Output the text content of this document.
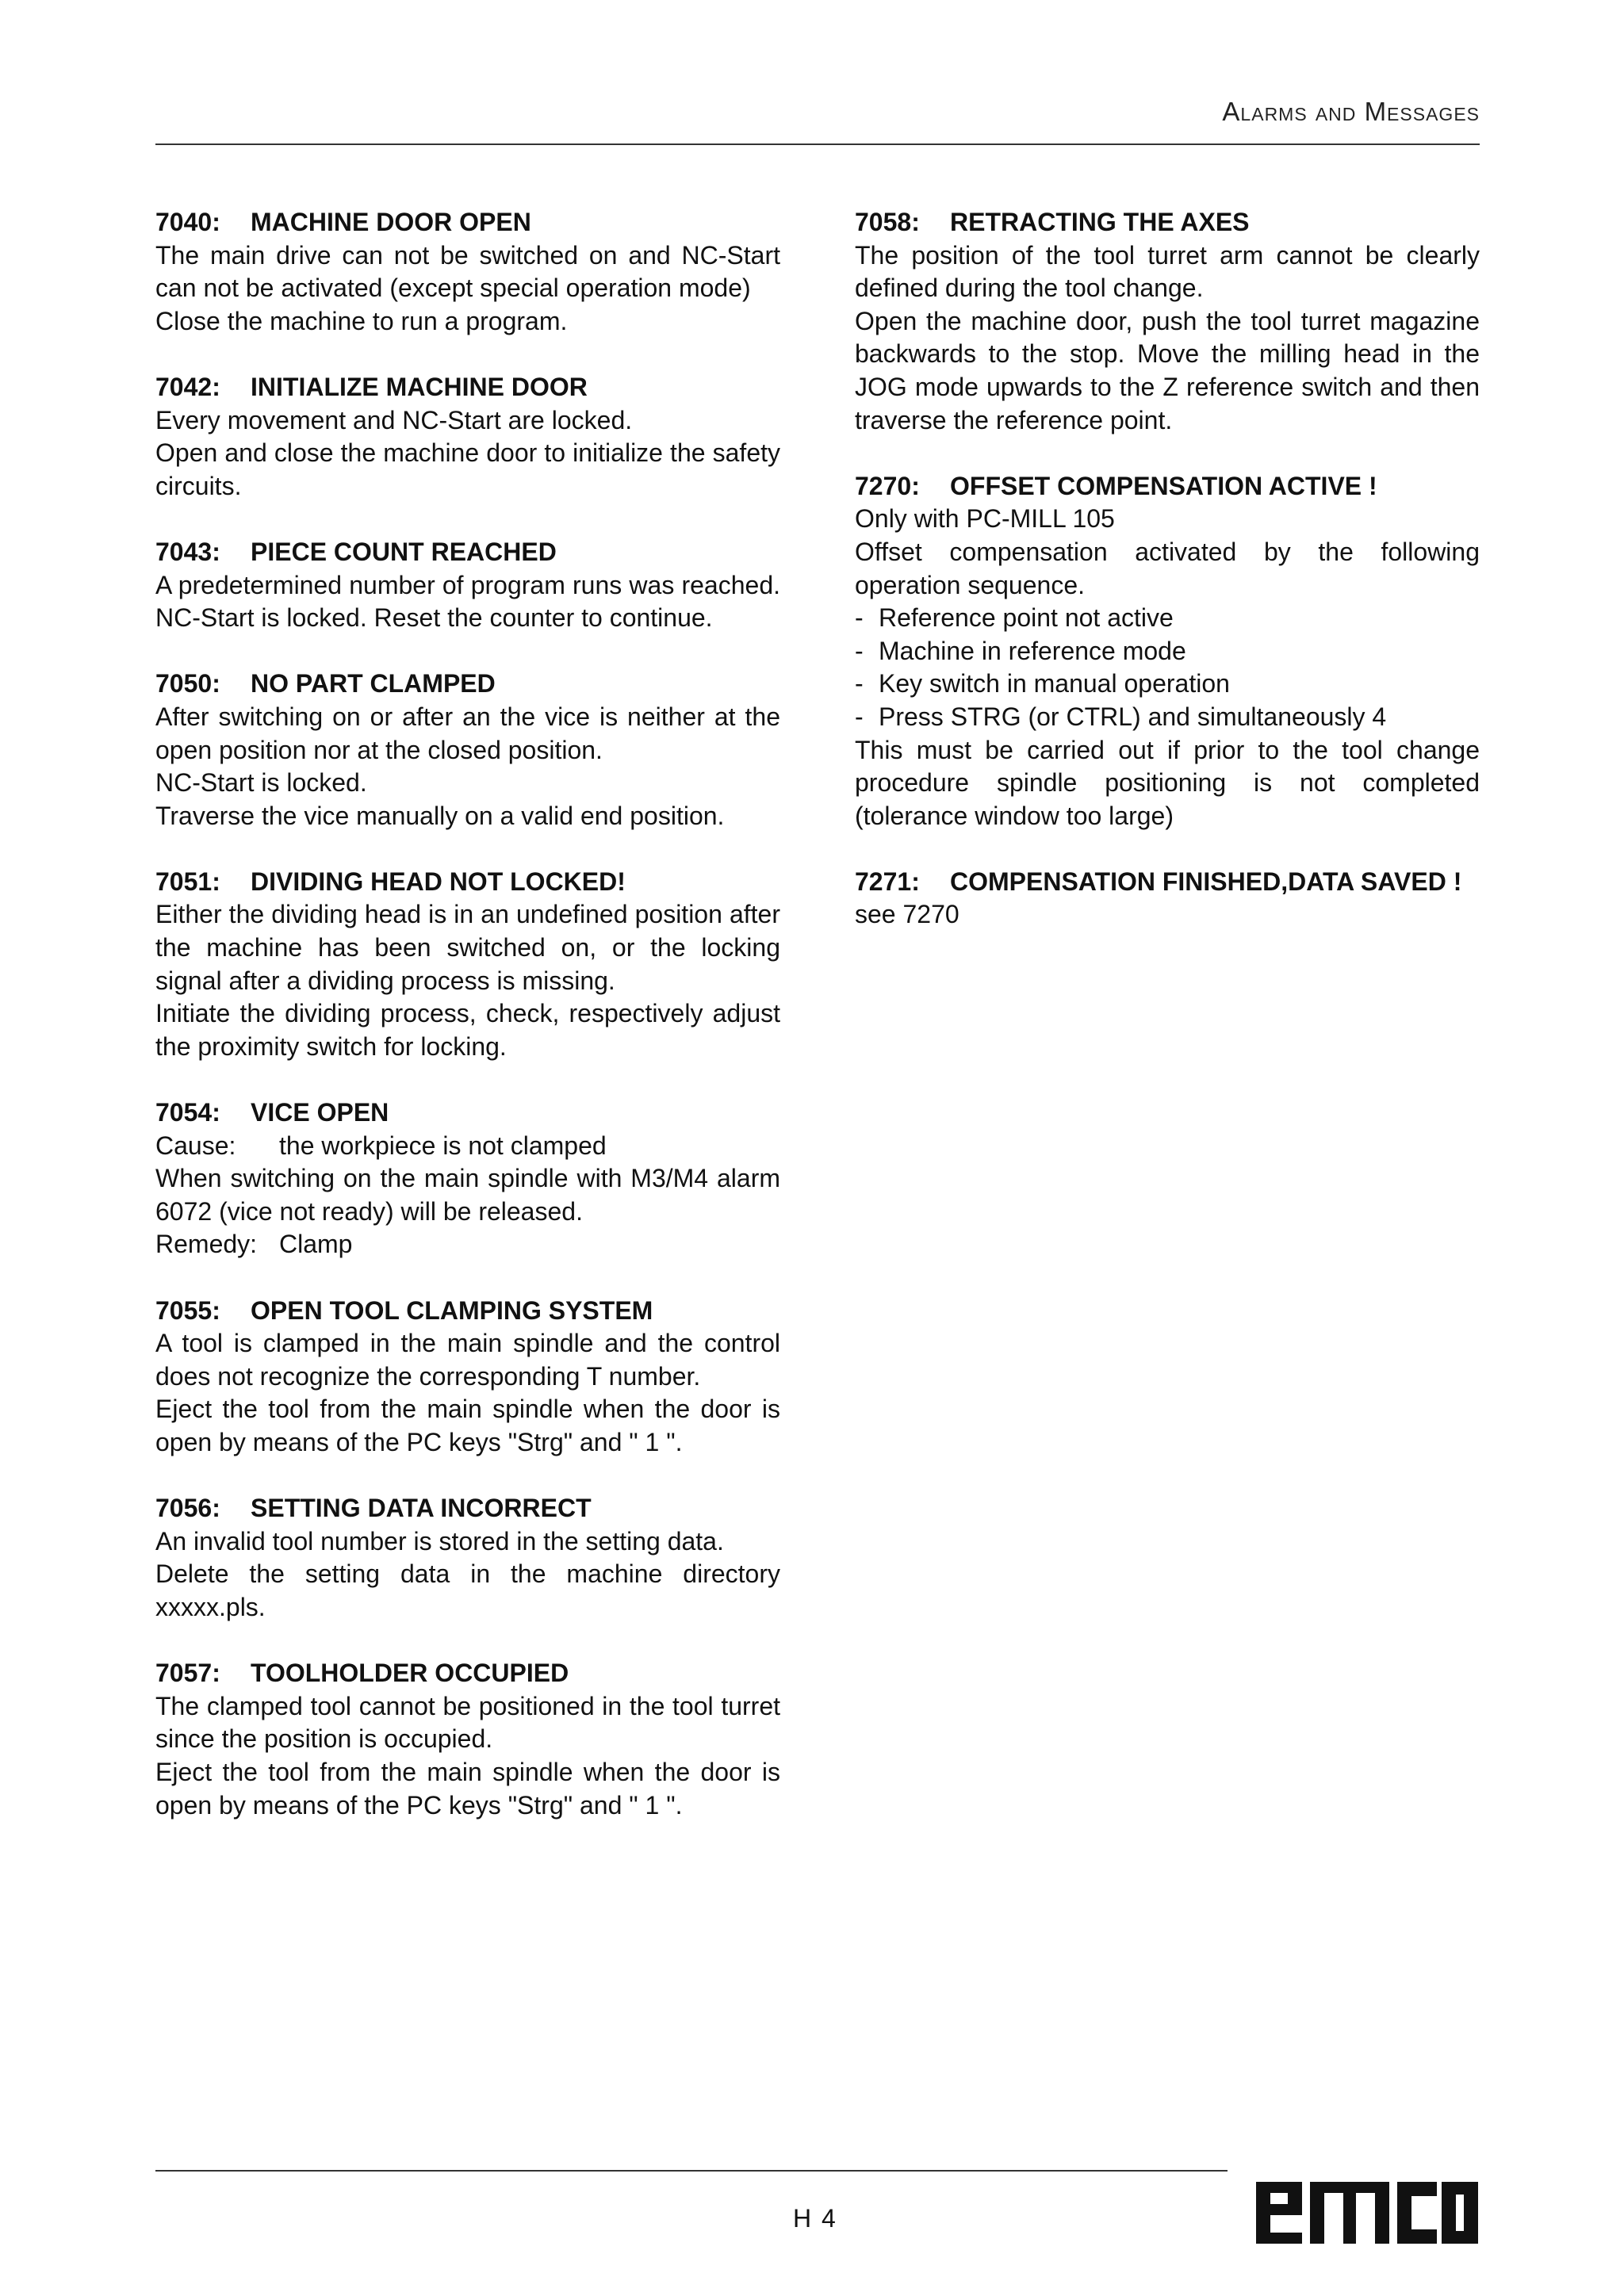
Alarms and Messages
7040:	MACHINE DOOR OPEN

The main drive can not be switched on and NC-Start can not be activated (except special operation mode)

Close the machine to run a program.

7042:	INITIALIZE MACHINE DOOR

Every movement and NC-Start are locked.

Open and close the machine door to initialize the safety circuits.

7043:	PIECE COUNT REACHED

A predetermined number of program runs was reached. NC-Start is locked. Reset the counter to continue.

7050:	NO PART CLAMPED

After switching on or after an the vice is neither at the open position nor at the closed position.

NC-Start is locked.

Traverse the vice manually on a valid end position.

7051:	DIVIDING HEAD NOT LOCKED!

Either the dividing head is in an undefined position after the machine has been switched on, or the locking signal after a dividing process is missing.

Initiate the dividing process, check, respectively adjust the proximity switch for locking.

7054:	VICE OPEN
Cause:	the workpiece is not clamped

When switching on the main spindle with M3/M4 alarm 6072 (vice not ready) will be released.

Remedy: Clamp
7055:	OPEN TOOL CLAMPING SYSTEM

A tool is clamped in the main spindle and the control does not recognize the corresponding T number.

Eject the tool from the main spindle when the door is open by means of the PC keys "Strg" and " 1 ".

7056:	SETTING DATA INCORRECT

An invalid tool number is stored in the setting data.

Delete the setting data in the machine directory xxxxx.pls.

7057:	TOOLHOLDER OCCUPIED

The clamped tool cannot be positioned in the tool turret since the position is occupied.

Eject the tool from the main spindle when the door is open by means of the PC keys "Strg" and " 1 ".

7058:	RETRACTING THE AXES

The position of the tool turret arm cannot be clearly defined during the tool change.

Open the machine door, push the tool turret magazine backwards to the stop. Move the milling head in the JOG mode upwards to the Z reference switch and then traverse the reference point.

7270:	OFFSET COMPENSATION ACTIVE !

Only with PC-MILL 105

Offset compensation activated by the following operation sequence.

- Reference point not active
- Machine in reference mode
- Key switch in manual operation
- Press STRG (or CTRL) and simultaneously 4

This must be carried out if prior to the tool change procedure spindle positioning is not completed (tolerance window too large)

7271:	COMPENSATION FINISHED,DATA SAVED !

see 7270

H 4
